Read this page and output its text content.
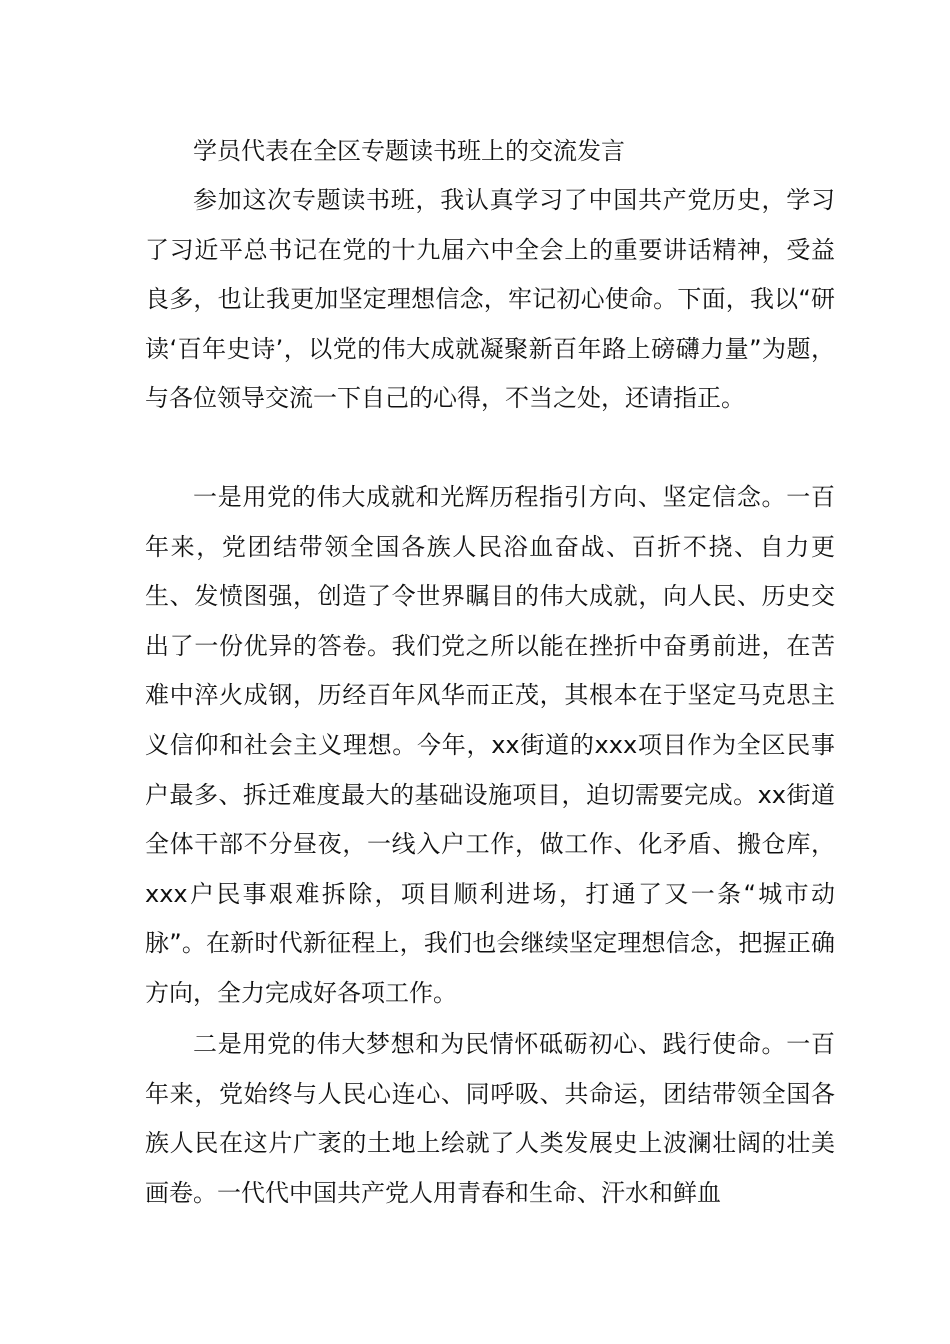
学员代表在全区专题读书班上的交流发言

参加这次专题读书班，我认真学习了中国共产党历史，学习了习近平总书记在党的十九届六中全会上的重要讲话精神，受益良多，也让我更加坚定理想信念，牢记初心使命。下面，我以“研读‘百年史诗’，以党的伟大成就凝聚新百年路上磅礴力量”为题，与各位领导交流一下自己的心得，不当之处，还请指正。

一是用党的伟大成就和光辉历程指引方向、坚定信念。一百年来，党团结带领全国各族人民浴血奋战、百折不挠、自力更生、发愤图强，创造了令世界瞩目的伟大成就，向人民、历史交出了一份优异的答卷。我们党之所以能在挫折中奋勇前进，在苦难中淬火成钢，历经百年风华而正茂，其根本在于坚定马克思主义信仰和社会主义理想。今年，xx街道的xxx项目作为全区民事户最多、拆迁难度最大的基础设施项目，迫切需要完成。xx街道全体干部不分昼夜，一线入户工作，做工作、化矛盾、搬仓库，xxx户民事艰难拆除，项目顺利进场，打通了又一条“城市动脉”。在新时代新征程上，我们也会继续坚定理想信念，把握正确方向，全力完成好各项工作。

二是用党的伟大梦想和为民情怀砥砺初心、践行使命。一百年来，党始终与人民心连心、同呼吸、共命运，团结带领全国各族人民在这片广袤的土地上绘就了人类发展史上波澜壮阔的壮美画卷。一代代中国共产党人用青春和生命、汗水和鲜血
